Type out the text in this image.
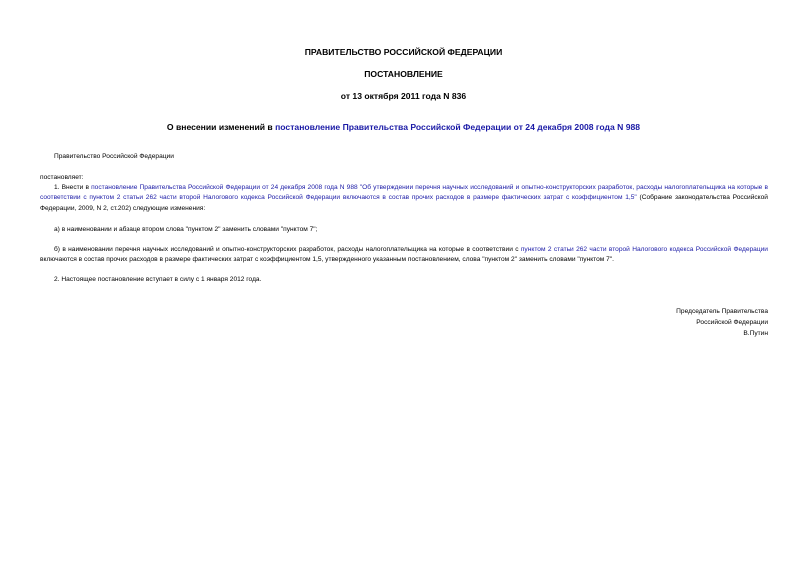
ПРАВИТЕЛЬСТВО РОССИЙСКОЙ ФЕДЕРАЦИИ
ПОСТАНОВЛЕНИЕ
от 13 октября 2011 года N 836
О внесении изменений в постановление Правительства Российской Федерации от 24 декабря 2008 года N 988
Правительство Российской Федерации
постановляет:
1. Внести в постановление Правительства Российской Федерации от 24 декабря 2008 года N 988 "Об утверждении перечня научных исследований и опытно-конструкторских разработок, расходы налогоплательщика на которые в соответствии с пунктом 2 статьи 262 части второй Налогового кодекса Российской Федерации включаются в состав прочих расходов в размере фактических затрат с коэффициентом 1,5" (Собрание законодательства Российской Федерации, 2009, N 2, ст.202) следующие изменения:
а) в наименовании и абзаце втором слова "пунктом 2" заменить словами "пунктом 7";
б) в наименовании перечня научных исследований и опытно-конструкторских разработок, расходы налогоплательщика на которые в соответствии с пунктом 2 статьи 262 части второй Налогового кодекса Российской Федерации включаются в состав прочих расходов в размере фактических затрат с коэффициентом 1,5, утвержденного указанным постановлением, слова "пунктом 2" заменить словами "пунктом 7".
2. Настоящее постановление вступает в силу с 1 января 2012 года.
Председатель Правительства
Российской Федерации
В.Путин
